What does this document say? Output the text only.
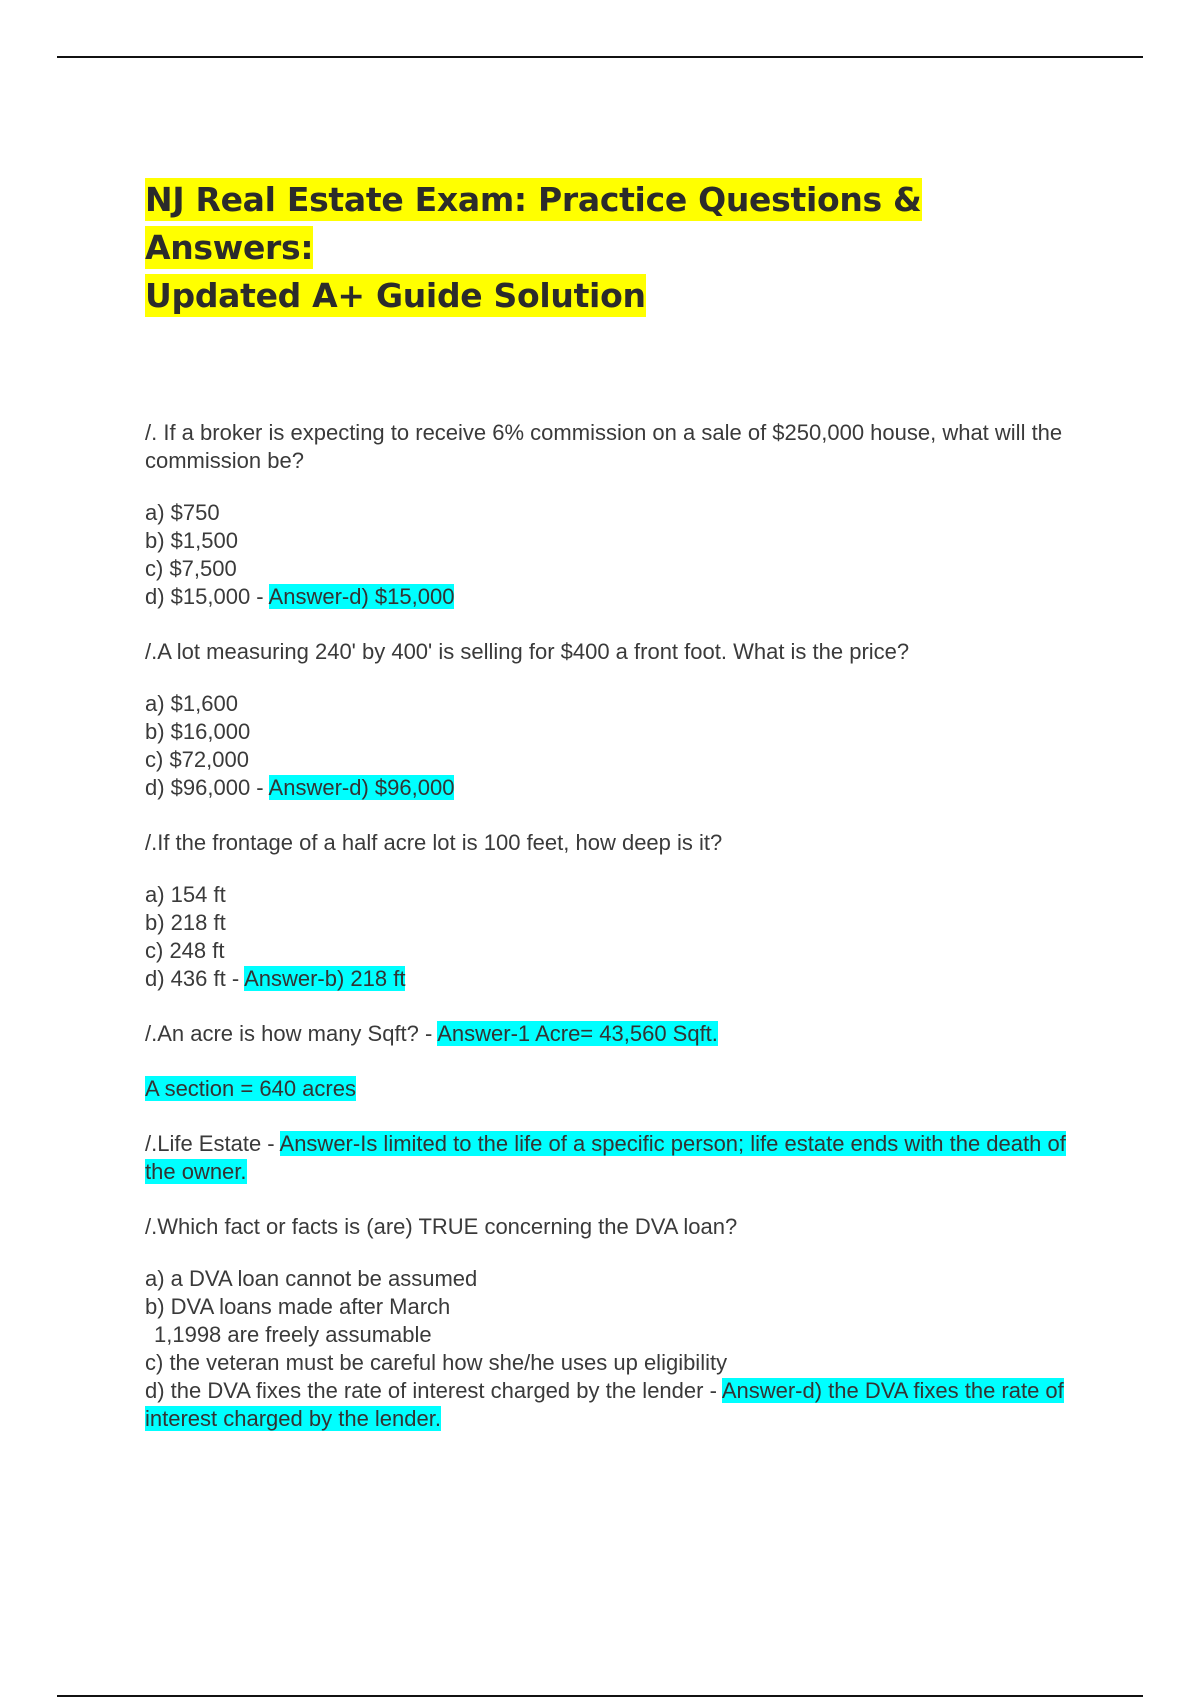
NJ Real Estate Exam: Practice Questions & Answers:
Updated A+ Guide Solution

/. If a broker is expecting to receive 6% commission on a sale of $250,000 house, what will the commission be?

a) $750
b) $1,500
c) $7,500
d) $15,000 - Answer-d) $15,000

/.A lot measuring 240' by 400' is selling for $400 a front foot. What is the price?

a) $1,600
b) $16,000
c) $72,000
d) $96,000 - Answer-d) $96,000

/.If the frontage of a half acre lot is 100 feet, how deep is it?

a) 154 ft
b) 218 ft
c) 248 ft
d) 436 ft - Answer-b) 218 ft

/.An acre is how many Sqft? - Answer-1 Acre= 43,560 Sqft.

A section = 640 acres

/.Life Estate - Answer-Is limited to the life of a specific person; life estate ends with the death of the owner.

/.Which fact or facts is (are) TRUE concerning the DVA loan?

a) a DVA loan cannot be assumed
b) DVA loans made after March
1,1998 are freely assumable
c) the veteran must be careful how she/he uses up eligibility
d) the DVA fixes the rate of interest charged by the lender - Answer-d) the DVA fixes the rate of interest charged by the lender.
